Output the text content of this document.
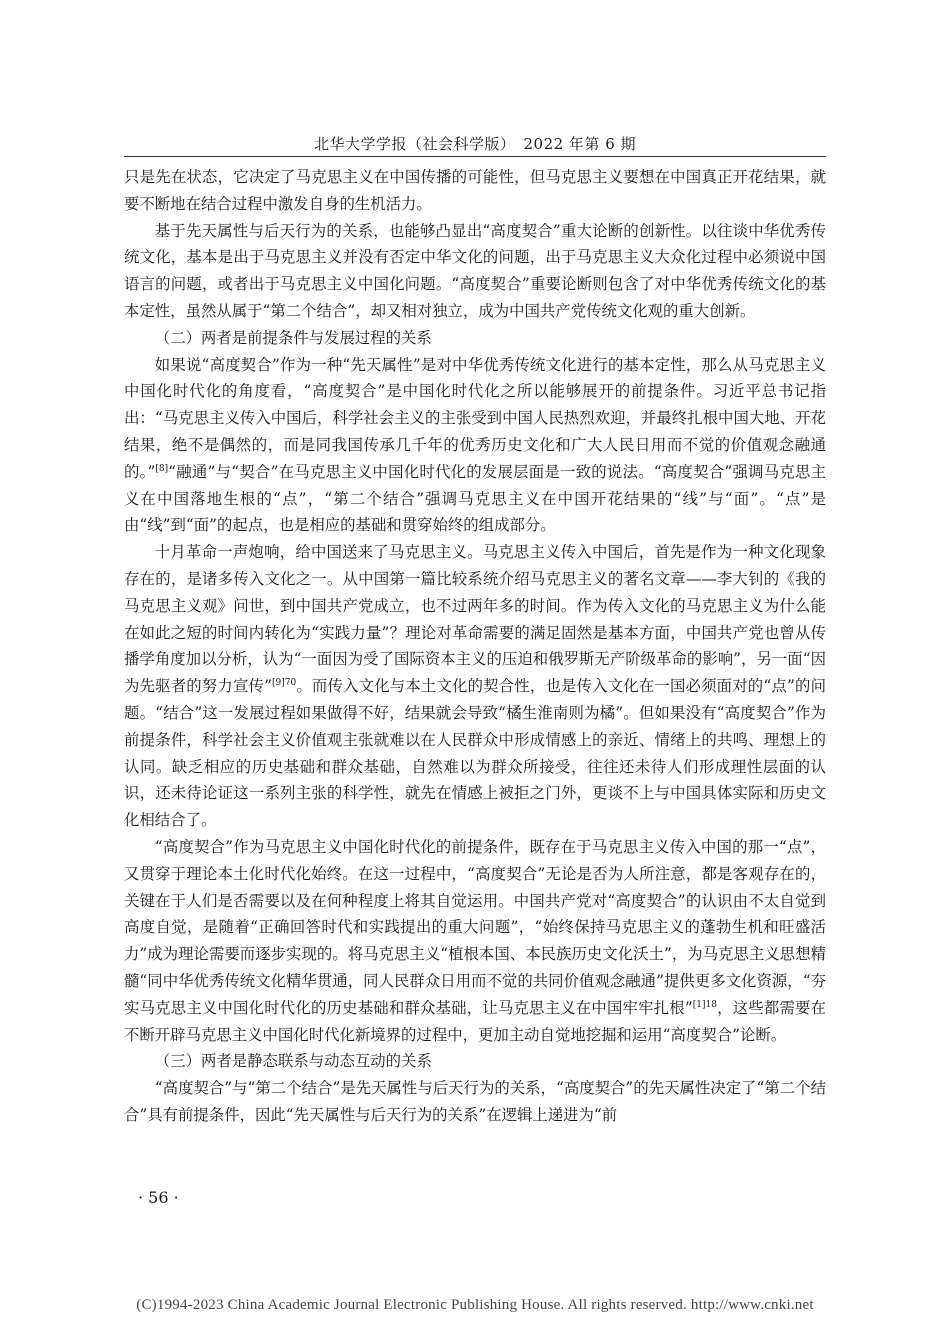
北华大学学报（社会科学版）　2022 年第 6 期

只是先在状态，它决定了马克思主义在中国传播的可能性，但马克思主义要想在中国真正开花结果，就要不断地在结合过程中激发自身的生机活力。

基于先天属性与后天行为的关系，也能够凸显出“高度契合”重大论断的创新性。以往谈中华优秀传统文化，基本是出于马克思主义并没有否定中华文化的问题，出于马克思主义大众化过程中必须说中国语言的问题，或者出于马克思主义中国化问题。“高度契合”重要论断则包含了对中华优秀传统文化的基本定性，虽然从属于“第二个结合”，却又相对独立，成为中国共产党传统文化观的重大创新。

（二）两者是前提条件与发展过程的关系

如果说“高度契合”作为一种“先天属性”是对中华优秀传统文化进行的基本定性，那么从马克思主义中国化时代化的角度看，“高度契合”是中国化时代化之所以能够展开的前提条件。习近平总书记指出：“马克思主义传入中国后，科学社会主义的主张受到中国人民热烈欢迎，并最终扎根中国大地、开花结果，绝不是偶然的，而是同我国传承几千年的优秀历史文化和广大人民日用而不觉的价值观念融通的。”[8]“融通”与“契合”在马克思主义中国化时代化的发展层面是一致的说法。“高度契合”强调马克思主义在中国落地生根的“点”，“第二个结合”强调马克思主义在中国开花结果的“线”与“面”。“点”是由“线”到“面”的起点，也是相应的基础和贯穿始终的组成部分。

十月革命一声炮响，给中国送来了马克思主义。马克思主义传入中国后，首先是作为一种文化现象存在的，是诸多传入文化之一。从中国第一篇比较系统介绍马克思主义的著名文章——李大钊的《我的马克思主义观》问世，到中国共产党成立，也不过两年多的时间。作为传入文化的马克思主义为什么能在如此之短的时间内转化为“实践力量”？理论对革命需要的满足固然是基本方面，中国共产党也曾从传播学角度加以分析，认为“一面因为受了国际资本主义的压迫和俄罗斯无产阶级革命的影响”，另一面“因为先驱者的努力宣传”$^{[9]70}$。而传入文化与本土文化的契合性，也是传入文化在一国必须面对的“点”的问题。“结合”这一发展过程如果做得不好，结果就会导致“橘生淮南则为橘”。但如果没有“高度契合”作为前提条件，科学社会主义价值观主张就难以在人民群众中形成情感上的亲近、情绪上的共鸣、理想上的认同。缺乏相应的历史基础和群众基础，自然难以为群众所接受，往往还未待人们形成理性层面的认识，还未待论证这一系列主张的科学性，就先在情感上被拒之门外，更谈不上与中国具体实际和历史文化相结合了。

“高度契合”作为马克思主义中国化时代化的前提条件，既存在于马克思主义传入中国的那一“点”，又贯穿于理论本土化时代化始终。在这一过程中，“高度契合”无论是否为人所注意，都是客观存在的，关键在于人们是否需要以及在何种程度上将其自觉运用。中国共产党对“高度契合”的认识由不太自觉到高度自觉，是随着“正确回答时代和实践提出的重大问题”，“始终保持马克思主义的蓬勃生机和旺盛活力”成为理论需要而逐步实现的。将马克思主义“植根本国、本民族历史文化沃土”，为马克思主义思想精髓“同中华优秀传统文化精华贯通，同人民群众日用而不觉的共同价值观念融通”提供更多文化资源，“夯实马克思主义中国化时代化的历史基础和群众基础，让马克思主义在中国牢牢扎根”$^{[1]18}$，这些都需要在不断开辟马克思主义中国化时代化新境界的过程中，更加主动自觉地挖掘和运用“高度契合”论断。

（三）两者是静态联系与动态互动的关系

“高度契合”与“第二个结合”是先天属性与后天行为的关系，“高度契合”的先天属性决定了“第二个结合”具有前提条件，因此“先天属性与后天行为的关系”在逻辑上递进为“前

· 56 ·
(C)1994-2023 China Academic Journal Electronic Publishing House. All rights reserved. http://www.cnki.net
